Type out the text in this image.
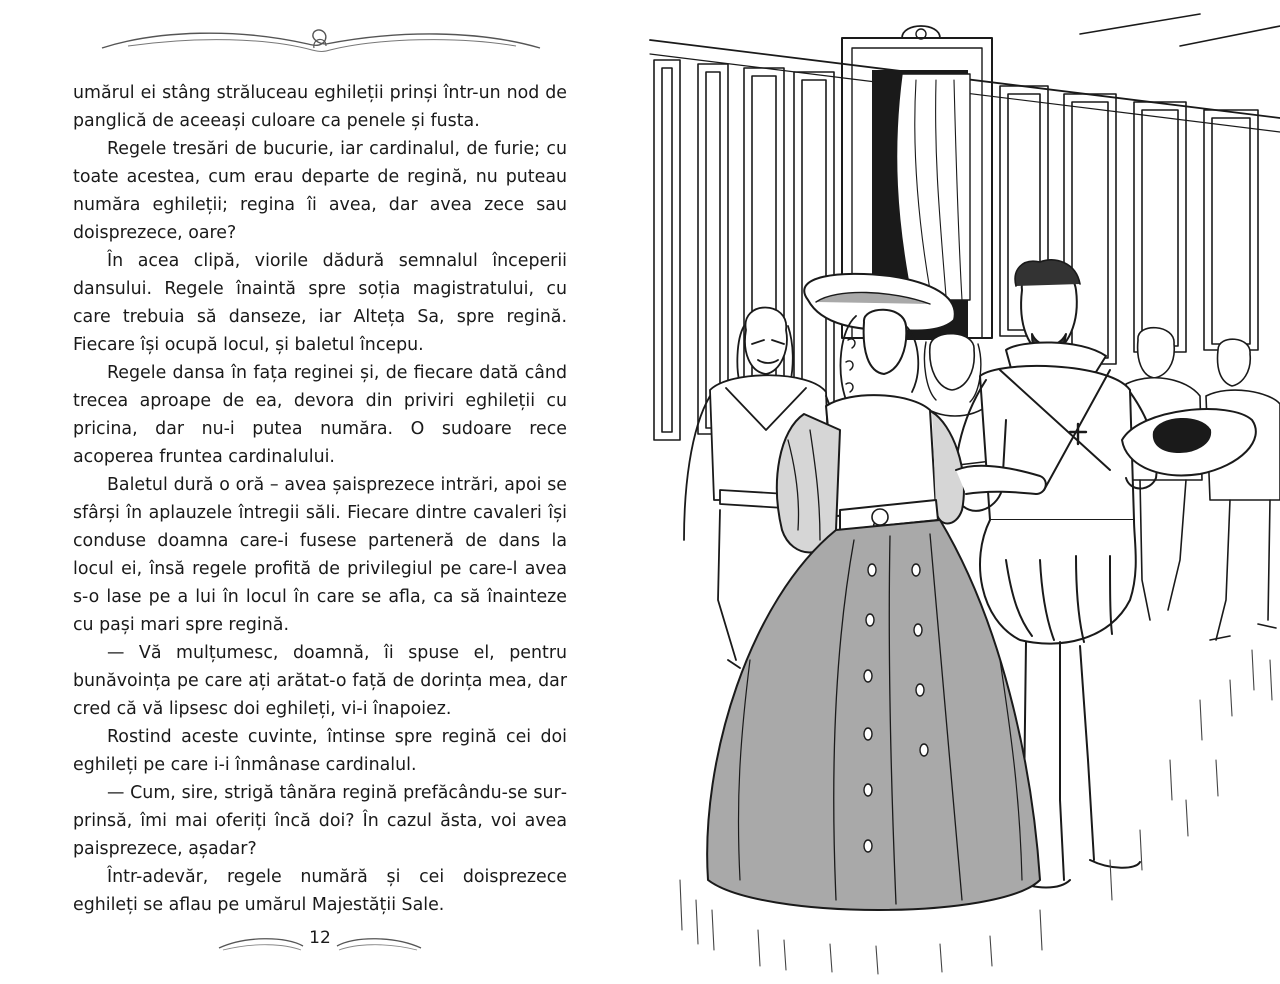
umărul ei stâng străluceau eghileții prinși într-un nod de panglică de aceeași culoare ca penele și fusta.

Regele tresări de bucurie, iar cardinalul, de furie; cu toate acestea, cum erau departe de regină, nu puteau număra eghileții; regina îi avea, dar avea zece sau doisprezece, oare?

În acea clipă, viorile dădură semnalul începerii dansului. Regele înaintă spre soția magistratului, cu care trebuia să danseze, iar Alteța Sa, spre regină. Fiecare își ocupă locul, și baletul începu.

Regele dansa în fața reginei și, de fiecare dată când trecea aproape de ea, devora din priviri eghileții cu pricina, dar nu-i putea număra. O sudoare rece acoperea fruntea cardinalului.

Baletul dură o oră – avea șaisprezece intrări, apoi se sfârși în aplauzele întregii săli. Fiecare dintre cavaleri își conduse doamna care-i fusese parteneră de dans la locul ei, însă regele profită de privilegiul pe care-l avea s-o lase pe a lui în locul în care se afla, ca să înainteze cu pași mari spre regină.

— Vă mulțumesc, doamnă, îi spuse el, pentru bunăvoința pe care ați arătat-o față de dorința mea, dar cred că vă lipsesc doi eghileți, vi-i înapoiez.

Rostind aceste cuvinte, întinse spre regină cei doi eghileți pe care i-i înmânase cardinalul.

— Cum, sire, strigă tânăra regină prefăcându-se surprinsă, îmi mai oferiți încă doi? În cazul ăsta, voi avea paisprezece, așadar?

Într-adevăr, regele numără și cei doisprezece eghileți se aflau pe umărul Majestății Sale.

12
